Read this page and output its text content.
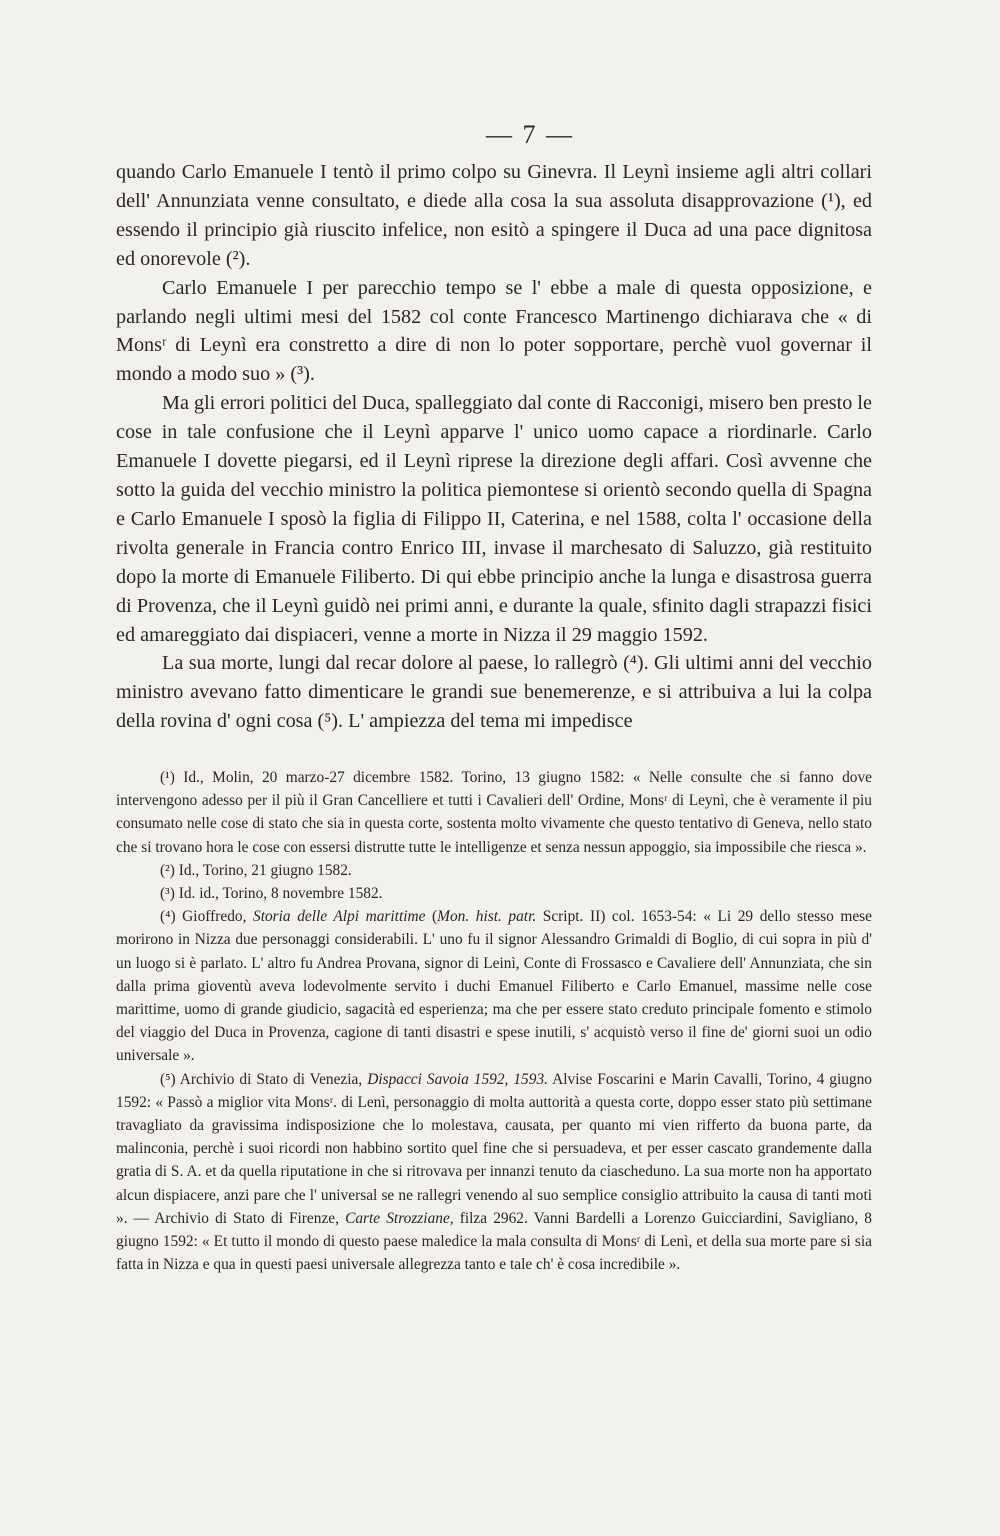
— 7 —

quando Carlo Emanuele I tentò il primo colpo su Ginevra. Il Leynì insieme agli altri collari dell' Annunziata venne consultato, e diede alla cosa la sua assoluta disapprovazione (¹), ed essendo il principio già riuscito infelice, non esitò a spingere il Duca ad una pace dignitosa ed onorevole (²).

Carlo Emanuele I per parecchio tempo se l' ebbe a male di questa opposizione, e parlando negli ultimi mesi del 1582 col conte Francesco Martinengo dichiarava che « di Monsʳ di Leynì era constretto a dire di non lo poter sopportare, perchè vuol governar il mondo a modo suo » (³).

Ma gli errori politici del Duca, spalleggiato dal conte di Racconigi, misero ben presto le cose in tale confusione che il Leynì apparve l' unico uomo capace a riordinarle. Carlo Emanuele I dovette piegarsi, ed il Leynì riprese la direzione degli affari. Così avvenne che sotto la guida del vecchio ministro la politica piemontese si orientò secondo quella di Spagna e Carlo Emanuele I sposò la figlia di Filippo II, Caterina, e nel 1588, colta l' occasione della rivolta generale in Francia contro Enrico III, invase il marchesato di Saluzzo, già restituito dopo la morte di Emanuele Filiberto. Di qui ebbe principio anche la lunga e disastrosa guerra di Provenza, che il Leynì guidò nei primi anni, e durante la quale, sfinito dagli strapazzi fisici ed amareggiato dai dispiaceri, venne a morte in Nizza il 29 maggio 1592.

La sua morte, lungi dal recar dolore al paese, lo rallegrò (⁴). Gli ultimi anni del vecchio ministro avevano fatto dimenticare le grandi sue benemerenze, e si attribuiva a lui la colpa della rovina d' ogni cosa (⁵). L' ampiezza del tema mi impedisce

(¹) Id., Molin, 20 marzo-27 dicembre 1582. Torino, 13 giugno 1582: « Nelle consulte che si fanno dove intervengono adesso per il più il Gran Cancelliere et tutti i Cavalieri dell' Ordine, Monsʳ di Leynì, che è veramente il piu consumato nelle cose di stato che sia in questa corte, sostenta molto vivamente che questo tentativo di Geneva, nello stato che si trovano hora le cose con essersi distrutte tutte le intelligenze et senza nessun appoggio, sia impossibile che riesca ».

(²) Id., Torino, 21 giugno 1582.

(³) Id. id., Torino, 8 novembre 1582.

(⁴) Gioffredo, Storia delle Alpi marittime (Mon. hist. patr. Script. II) col. 1653-54: « Li 29 dello stesso mese morirono in Nizza due personaggi considerabili. L' uno fu il signor Alessandro Grimaldi di Boglio, di cui sopra in più d' un luogo si è parlato. L' altro fu Andrea Provana, signor di Leinì, Conte di Frossasco e Cavaliere dell' Annunziata, che sin dalla prima gioventù aveva lodevolmente servito i duchi Emanuel Filiberto e Carlo Emanuel, massime nelle cose marittime, uomo di grande giudicio, sagacità ed esperienza; ma che per essere stato creduto principale fomento e stimolo del viaggio del Duca in Provenza, cagione di tanti disastri e spese inutili, s' acquistò verso il fine de' giorni suoi un odio universale ».

(⁵) Archivio di Stato di Venezia, Dispacci Savoia 1592, 1593. Alvise Foscarini e Marin Cavalli, Torino, 4 giugno 1592: « Passò a miglior vita Monsʳ. di Lenì, personaggio di molta auttorità a questa corte, doppo esser stato più settimane travagliato da gravissima indisposizione che lo molestava, causata, per quanto mi vien rifferto da buona parte, da malinconia, perchè i suoi ricordi non habbino sortito quel fine che si persuadeva, et per esser cascato grandemente dalla gratia di S. A. et da quella riputatione in che si ritrovava per innanzi tenuto da ciascheduno. La sua morte non ha apportato alcun dispiacere, anzi pare che l' universal se ne rallegri venendo al suo semplice consiglio attribuito la causa di tanti moti ». — Archivio di Stato di Firenze, Carte Strozziane, filza 2962. Vanni Bardelli a Lorenzo Guicciardini, Savigliano, 8 giugno 1592: « Et tutto il mondo di questo paese maledice la mala consulta di Monsʳ di Lenì, et della sua morte pare si sia fatta in Nizza e qua in questi paesi universale allegrezza tanto e tale ch' è cosa incredibile ».
